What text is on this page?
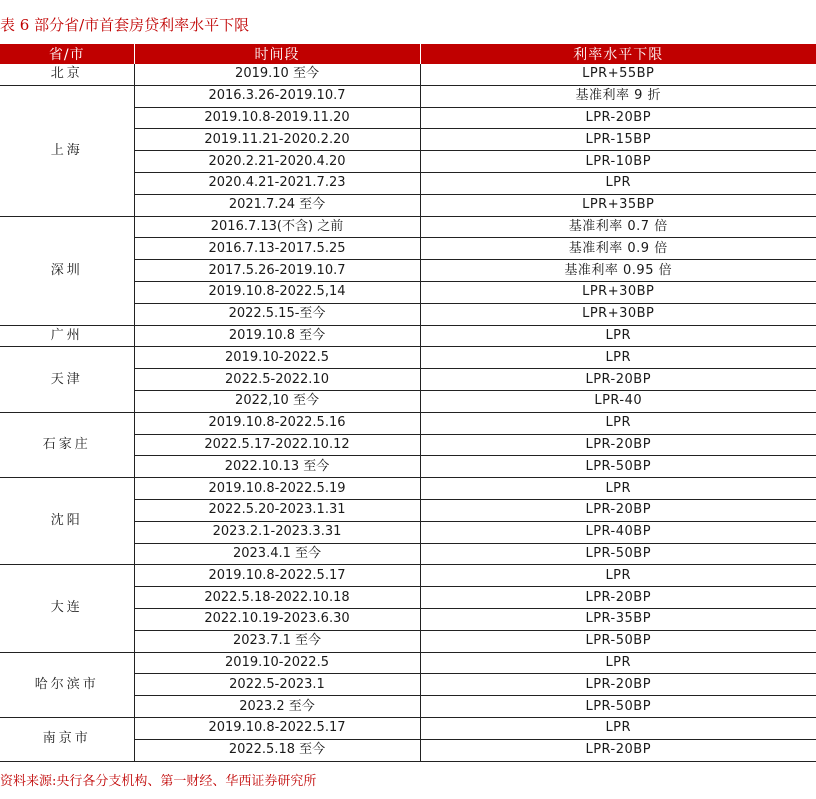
表 6 部分省/市首套房贷利率水平下限
省/市	时间段	利率水平下限
北京	2019.10 至今	LPR+55BP
上海	2016.3.26-2019.10.7	基准利率 9 折
	2019.10.8-2019.11.20	LPR-20BP
	2019.11.21-2020.2.20	LPR-15BP
	2020.2.21-2020.4.20	LPR-10BP
	2020.4.21-2021.7.23	LPR
	2021.7.24 至今	LPR+35BP
深圳	2016.7.13(不含) 之前	基准利率 0.7 倍
	2016.7.13-2017.5.25	基准利率 0.9 倍
	2017.5.26-2019.10.7	基准利率 0.95 倍
	2019.10.8-2022.5,14	LPR+30BP
	2022.5.15-至今	LPR+30BP
广州	2019.10.8 至今	LPR
天津	2019.10-2022.5	LPR
	2022.5-2022.10	LPR-20BP
	2022,10 至今	LPR-40
石家庄	2019.10.8-2022.5.16	LPR
	2022.5.17-2022.10.12	LPR-20BP
	2022.10.13 至今	LPR-50BP
沈阳	2019.10.8-2022.5.19	LPR
	2022.5.20-2023.1.31	LPR-20BP
	2023.2.1-2023.3.31	LPR-40BP
	2023.4.1 至今	LPR-50BP
大连	2019.10.8-2022.5.17	LPR
	2022.5.18-2022.10.18	LPR-20BP
	2022.10.19-2023.6.30	LPR-35BP
	2023.7.1 至今	LPR-50BP
哈尔滨市	2019.10-2022.5	LPR
	2022.5-2023.1	LPR-20BP
	2023.2 至今	LPR-50BP
南京市	2019.10.8-2022.5.17	LPR
	2022.5.18 至今	LPR-20BP
资料来源:央行各分支机构、第一财经、华西证券研究所
